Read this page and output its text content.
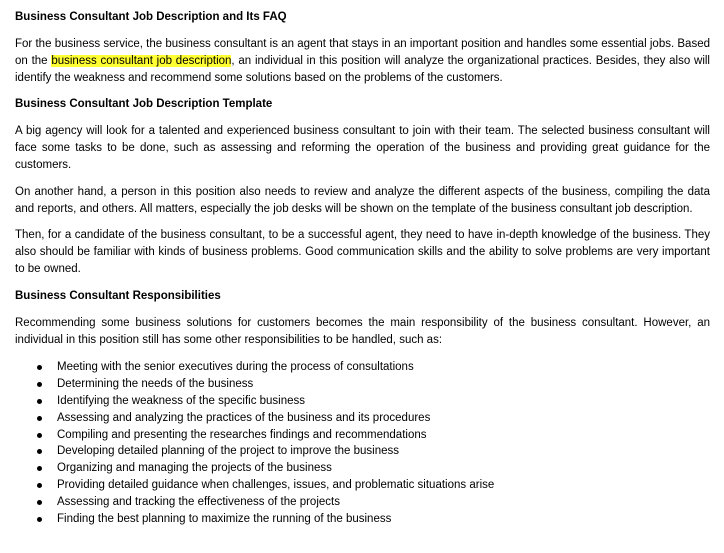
Business Consultant Job Description and Its FAQ

For the business service, the business consultant is an agent that stays in an important position and handles some essential jobs. Based on the business consultant job description, an individual in this position will analyze the organizational practices. Besides, they also will identify the weakness and recommend some solutions based on the problems of the customers.

Business Consultant Job Description Template

A big agency will look for a talented and experienced business consultant to join with their team. The selected business consultant will face some tasks to be done, such as assessing and reforming the operation of the business and providing great guidance for the customers.

On another hand, a person in this position also needs to review and analyze the different aspects of the business, compiling the data and reports, and others. All matters, especially the job desks will be shown on the template of the business consultant job description.

Then, for a candidate of the business consultant, to be a successful agent, they need to have in-depth knowledge of the business. They also should be familiar with kinds of business problems. Good communication skills and the ability to solve problems are very important to be owned.

Business Consultant Responsibilities

Recommending some business solutions for customers becomes the main responsibility of the business consultant. However, an individual in this position still has some other responsibilities to be handled, such as:

Meeting with the senior executives during the process of consultations
Determining the needs of the business
Identifying the weakness of the specific business
Assessing and analyzing the practices of the business and its procedures
Compiling and presenting the researches findings and recommendations
Developing detailed planning of the project to improve the business
Organizing and managing the projects of the business
Providing detailed guidance when challenges, issues, and problematic situations arise
Assessing and tracking the effectiveness of the projects
Finding the best planning to maximize the running of the business
